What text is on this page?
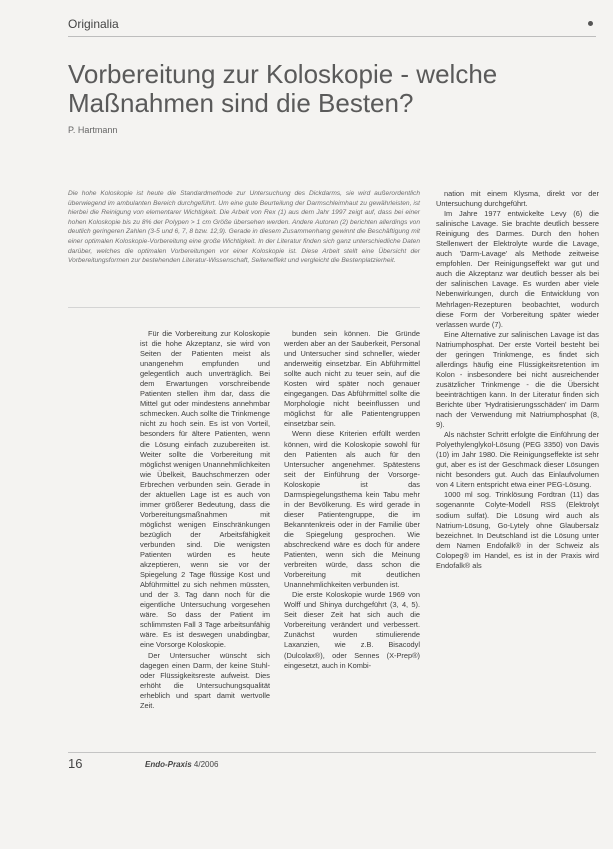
Originalia
Vorbereitung zur Koloskopie - welche Maßnahmen sind die Besten?
P. Hartmann
Die hohe Koloskopie ist heute die Standardmethode zur Untersuchung des Dickdarms, sie wird außerordentlich überwiegend im ambulanten Bereich durchgeführt. Um eine gute Beurteilung der Darmschleimhaut zu gewährleisten, ist hierbei die Reinigung von elementarer Wichtigkeit. Die Arbeit von Rex (1) aus dem Jahr 1997 zeigt auf, dass bei einer hohen Koloskopie bis zu 8% der Polypen > 1 cm Größe übersehen werden. Andere Autoren (2) berichten allerdings von deutlich geringeren Zahlen (3-5 und 6, 7, 8 bzw. 12,9). Gerade in diesem Zusammenhang gewinnt die Beschäftigung mit einer optimalen Koloskopie-Vorbereitung eine große Wichtigkeit. In der Literatur finden sich ganz unterschiedliche Daten darüber, welches die optimalen Vorbereitungen vor einer Koloskopie ist. Diese Arbeit stellt eine Übersicht der Vorbereitungsformen zur bestehenden Literatur-Wissenschaft, Seiteneffekt und vergleicht die Bestenplatzierheit.

Für die Vorbereitung zur Koloskopie ist die hohe Akzeptanz, sie wird von Seiten der Patienten meist als unangenehm empfunden und gelegentlich auch unverträglich. Bei dem Erwartungen vorschreibende Patienten stellen ihm dar, dass die Mittel gut oder mindestens annehmbar schmecken. Auch sollte die Trinkmenge nicht zu hoch sein. Es ist von Vorteil, besonders für ältere Patienten, wenn die Lösung einfach zuzubereiten ist. Weiter sollte die Vorbereitung mit möglichst wenigen Unannehmlichkeiten wie Übelkeit, Bauchschmerzen oder Erbrechen verbunden sein. Gerade in der aktuellen Lage ist es auch von immer größerer Bedeutung, dass die Vorbereitungsmaßnahmen mit möglichst wenigen Einschränkungen bezüglich der Arbeitsfähigkeit verbunden sind. Die wenigsten Patienten würden es heute akzeptieren, wenn sie vor der Spiegelung 2 Tage flüssige Kost und Abführmittel zu sich nehmen müssten, und der 3. Tag dann noch für die eigentliche Untersuchung vorgesehen wäre. So dass der Patient im schlimmsten Fall 3 Tage arbeitsunfähig wäre. Es ist deswegen unabdingbar, eine Vorsorge Koloskopie.

Der Untersucher wünscht sich dagegen einen Darm, der keine Stuhl- oder Flüssigkeitsreste aufweist. Dies erhöht die Untersuchungsqualität erheblich und spart damit wertvolle Zeit.

bunden sein können. Die Gründe werden aber an der Sauberkeit, Personal und Untersucher sind schneller, wieder anderweitig einsetzbar. Ein Abführmittel sollte auch nicht zu teuer sein, auf die Kosten wird später noch genauer eingegangen. Das Abführmittel sollte die Morphologie nicht beeinflussen und möglichst für alle Patientengruppen einsetzbar sein.

Wenn diese Kriterien erfüllt werden können, wird die Koloskopie sowohl für den Patienten als auch für den Untersucher angenehmer. Spätestens seit der Einführung der Vorsorge-Koloskopie ist das Darmspiegelungsthema kein Tabu mehr in der Bevölkerung. Es wird gerade in dieser Patientengruppe, die im Bekanntenkreis oder in der Familie über die Spiegelung gesprochen. Wie abschreckend wäre es doch für andere Patienten, wenn sich die Meinung verbreiten würde, dass schon die Vorbereitung mit deutlichen Unannehmlichkeiten verbunden ist.

Die erste Koloskopie wurde 1969 von Wolff und Shinya durchgeführt (3, 4, 5). Seit dieser Zeit hat sich auch die Vorbereitung verändert und verbessert. Zunächst wurden stimulierende Laxanzien, wie z.B. Bisacodyl (Dulcolax®), oder Sennes (X-Prep®) eingesetzt, auch in Kombi-

nation mit einem Klysma, direkt vor der Untersuchung durchgeführt.

Im Jahre 1977 entwickelte Levy (6) die salinische Lavage. Sie brachte deutlich bessere Reinigung des Darmes. Durch den hohen Stellenwert der Elektrolyte wurde die Lavage, auch 'Darm-Lavage' als Methode zeitweise empfohlen. Der Reinigungseffekt war gut und auch die Akzeptanz war deutlich besser als bei der salinischen Lavage. Es wurden aber viele Nebenwirkungen, durch die Entwicklung von Mehrlagen-Rezepturen beobachtet, wodurch diese Form der Vorbereitung später wieder verlassen wurde (7).

Eine Alternative zur salinischen Lavage ist das Natriumphosphat. Der erste Vorteil besteht bei der geringen Trinkmenge, es findet sich allerdings häufig eine Flüssigkeitsretention im Kolon - insbesondere bei nicht ausreichender zusätzlicher Trinkmenge - die die Übersicht beeinträchtigen kann. In der Literatur finden sich Berichte über 'Hydratisierungsschäden' im Darm nach der Verwendung mit Natriumphosphat (8, 9).

Als nächster Schritt erfolgte die Einführung der Polyethylenglykol-Lösung (PEG 3350) von Davis (10) im Jahr 1980. Die Reinigungseffekte ist sehr gut, aber es ist der Geschmack dieser Lösungen nicht besonders gut. Auch das Einlaufvolumen von 4 Litern entspricht etwa einer PEG-Lösung.

1000 ml sog. Trinklösung Fordtran (11) das sogenannte Colyte-Modell RSS (Elektrolyt sodium sulfat). Die Lösung wird auch als Natrium-Lösung, Go-Lytely ohne Glaubersalz bezeichnet. In Deutschland ist die Lösung unter dem Namen Endofalk® in der Schweiz als Colopeg® im Handel, es ist in der Praxis wird Endofalk® als

16	Endo-Praxis 4/2006
